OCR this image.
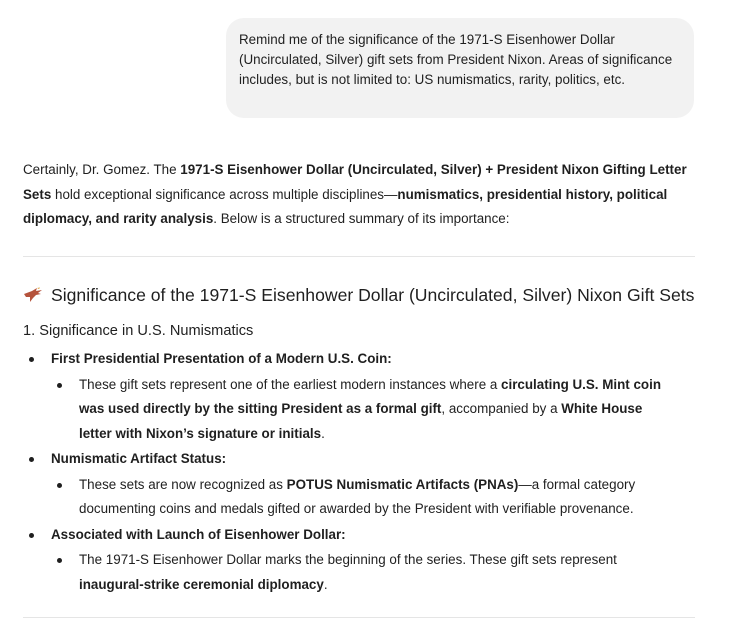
Remind me of the significance of the 1971-S Eisenhower Dollar (Uncirculated, Silver) gift sets from President Nixon. Areas of significance includes, but is not limited to: US numismatics, rarity, politics, etc.
Certainly, Dr. Gomez. The 1971-S Eisenhower Dollar (Uncirculated, Silver) + President Nixon Gifting Letter Sets hold exceptional significance across multiple disciplines—numismatics, presidential history, political diplomacy, and rarity analysis. Below is a structured summary of its importance:
Significance of the 1971-S Eisenhower Dollar (Uncirculated, Silver) Nixon Gift Sets
1. Significance in U.S. Numismatics
First Presidential Presentation of a Modern U.S. Coin:
These gift sets represent one of the earliest modern instances where a circulating U.S. Mint coin was used directly by the sitting President as a formal gift, accompanied by a White House letter with Nixon’s signature or initials.
Numismatic Artifact Status:
These sets are now recognized as POTUS Numismatic Artifacts (PNAs)—a formal category documenting coins and medals gifted or awarded by the President with verifiable provenance.
Associated with Launch of Eisenhower Dollar:
The 1971-S Eisenhower Dollar marks the beginning of the series. These gift sets represent inaugural-strike ceremonial diplomacy.
